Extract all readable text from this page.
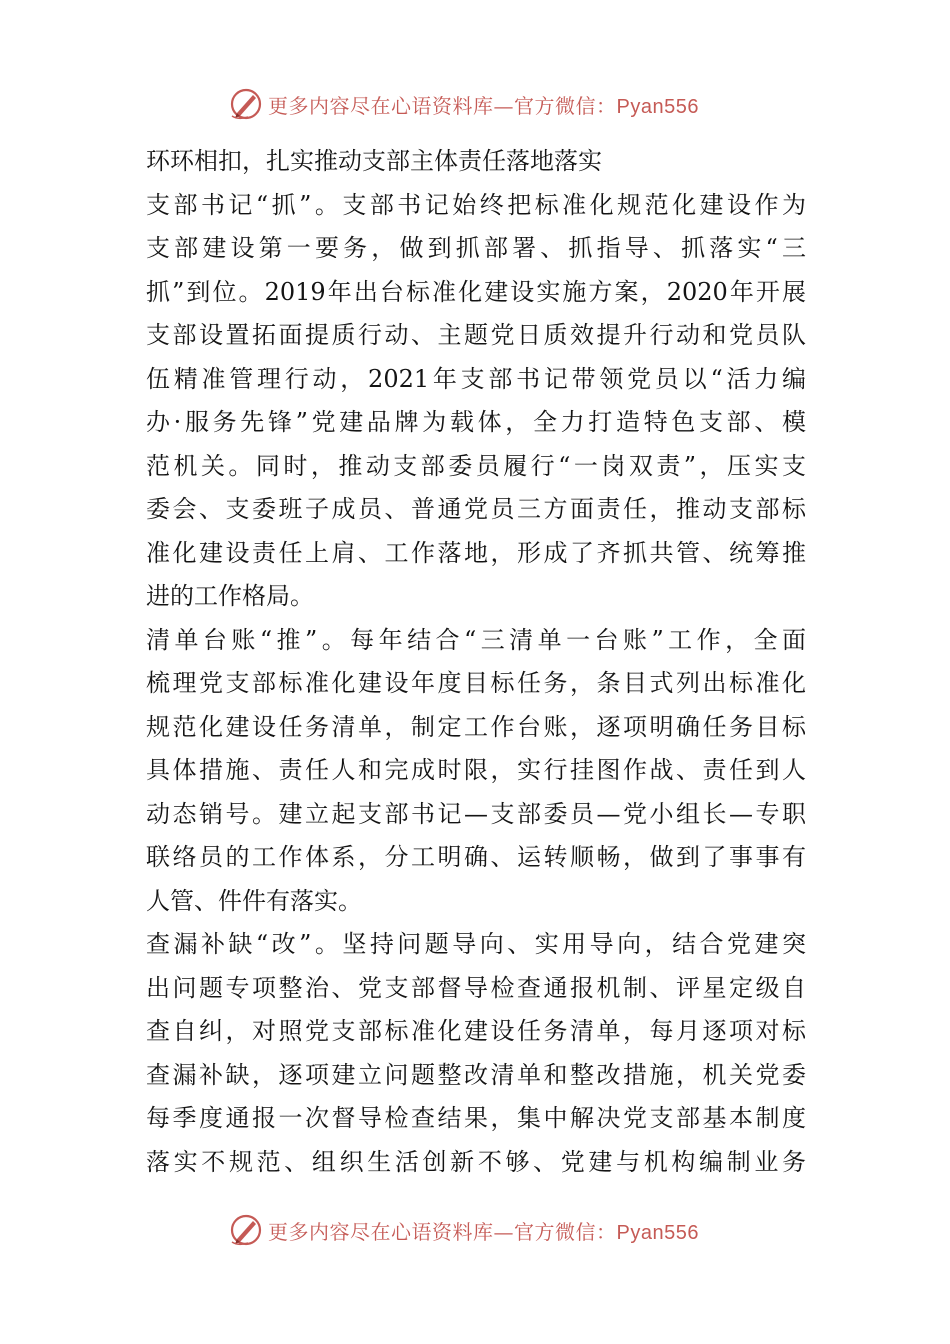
更多内容尽在心语资料库—官方微信：Pyan556

环环相扣，扎实推动支部主体责任落地落实

支部书记“抓”。支部书记始终把标准化规范化建设作为
支部建设第一要务，做到抓部署、抓指导、抓落实“三
抓”到位。2019年出台标准化建设实施方案，2020年开展
支部设置拓面提质行动、主题党日质效提升行动和党员队
伍精准管理行动，2021年支部书记带领党员以“活力编
办·服务先锋”党建品牌为载体，全力打造特色支部、模
范机关。同时，推动支部委员履行“一岗双责”，压实支
委会、支委班子成员、普通党员三方面责任，推动支部标
准化建设责任上肩、工作落地，形成了齐抓共管、统筹推
进的工作格局。

清单台账“推”。每年结合“三清单一台账”工作，全面
梳理党支部标准化建设年度目标任务，条目式列出标准化
规范化建设任务清单，制定工作台账，逐项明确任务目标
具体措施、责任人和完成时限，实行挂图作战、责任到人
动态销号。建立起支部书记—支部委员—党小组长—专职
联络员的工作体系，分工明确、运转顺畅，做到了事事有
人管、件件有落实。

查漏补缺“改”。坚持问题导向、实用导向，结合党建突
出问题专项整治、党支部督导检查通报机制、评星定级自
查自纠，对照党支部标准化建设任务清单，每月逐项对标
查漏补缺，逐项建立问题整改清单和整改措施，机关党委
每季度通报一次督导检查结果，集中解决党支部基本制度
落实不规范、组织生活创新不够、党建与机构编制业务

更多内容尽在心语资料库—官方微信：Pyan556
